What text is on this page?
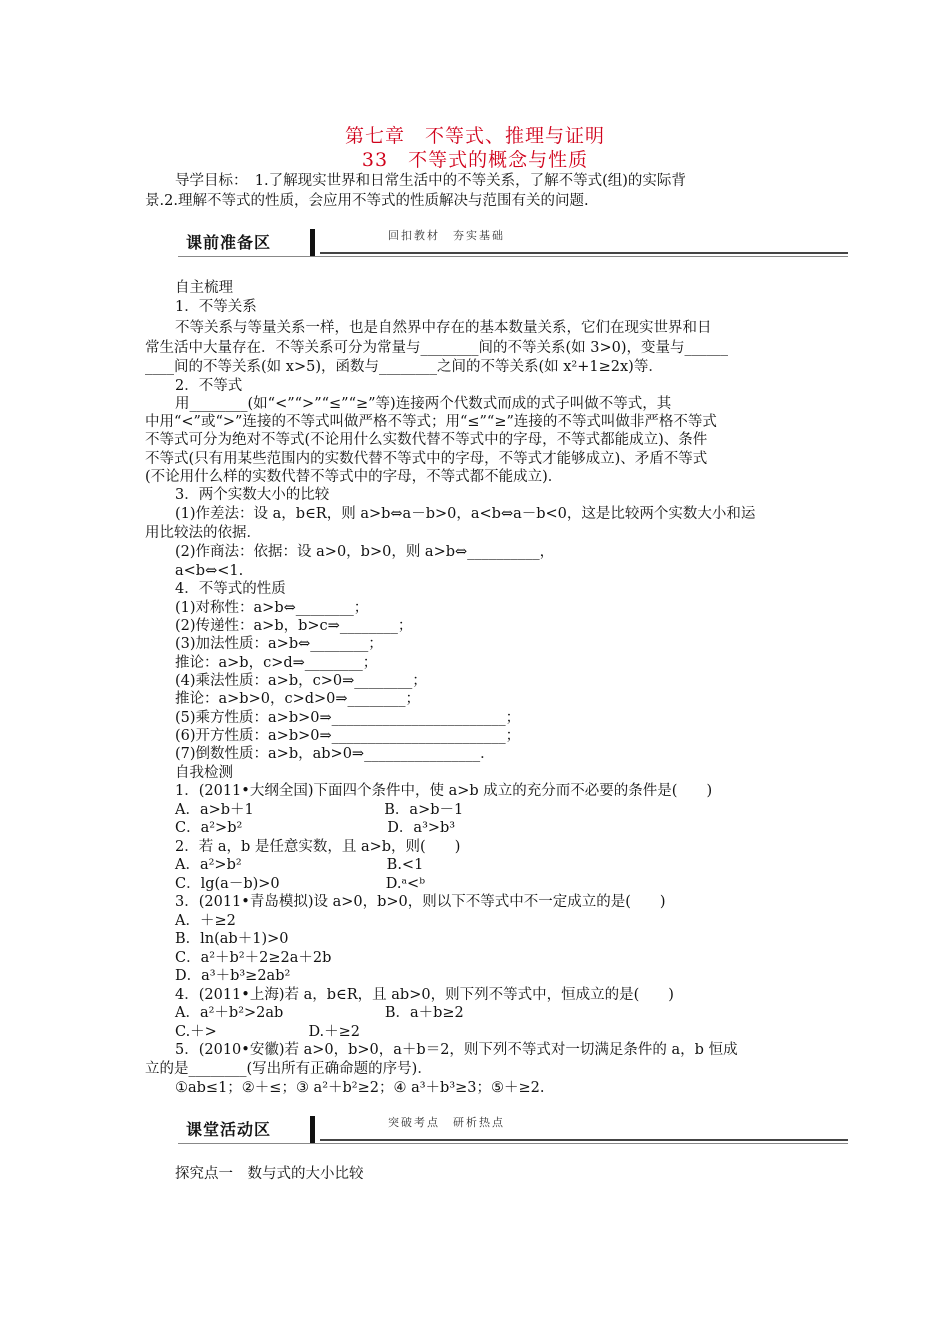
第七章　不等式、推理与证明
33　不等式的概念与性质
导学目标：　1.了解现实世界和日常生活中的不等关系，了解不等式(组)的实际背
景.2.理解不等式的性质，会应用不等式的性质解决与范围有关的问题.
课前准备区	回扣教材　夯实基础
自主梳理
1．不等关系
不等关系与等量关系一样，也是自然界中存在的基本数量关系，它们在现实世界和日
常生活中大量存在．不等关系可分为常量与________间的不等关系(如 3>0)，变量与______
____间的不等关系(如 x>5)，函数与________之间的不等关系(如 x²+1≥2x)等．
2．不等式
用________(如“<”“>”“≤”“≥”等)连接两个代数式而成的式子叫做不等式，其
中用“<”或“>”连接的不等式叫做严格不等式；用“≤”“≥”连接的不等式叫做非严格不等式
不等式可分为绝对不等式(不论用什么实数代替不等式中的字母，不等式都能成立)、条件
不等式(只有用某些范围内的实数代替不等式中的字母，不等式才能够成立)、矛盾不等式
(不论用什么样的实数代替不等式中的字母，不等式都不能成立)．
3．两个实数大小的比较
(1)作差法：设 a，b∈R，则 a>b⇔a－b>0，a<b⇔a－b<0，这是比较两个实数大小和运
用比较法的依据．
(2)作商法：依据：设 a>0，b>0，则 a>b⇔__________，
a<b⇔<1.
4．不等式的性质
(1)对称性：a>b⇔________；
(2)传递性：a>b，b>c⇒________；
(3)加法性质：a>b⇔________；
推论：a>b，c>d⇒________；
(4)乘法性质：a>b，c>0⇒________；
推论：a>b>0，c>d>0⇒________；
(5)乘方性质：a>b>0⇒________________________；
(6)开方性质：a>b>0⇒________________________；
(7)倒数性质：a>b，ab>0⇒________________．
自我检测
1．(2011•大纲全国)下面四个条件中，使 a>b 成立的充分而不必要的条件是(　　)
A．a>b＋1　　　　　　　　　B．a>b－1
C．a²>b²　　　　　　　　　　D．a³>b³
2．若 a，b 是任意实数，且 a>b，则(　　)
A．a²>b²　　　　　　　　　　B.<1
C．lg(a－b)>0　　　　　　　 D.ᵃ<ᵇ
3．(2011•青岛模拟)设 a>0，b>0，则以下不等式中不一定成立的是(　　)
A．＋≥2
B．ln(ab＋1)>0
C．a²＋b²＋2≥2a＋2b
D．a³＋b³≥2ab²
4．(2011•上海)若 a，b∈R，且 ab>0，则下列不等式中，恒成立的是(　　)
A．a²＋b²>2ab　　　　　　　B．a＋b≥2
C.＋>　　　　　　 D.＋≥2
5．(2010•安徽)若 a>0，b>0，a＋b＝2，则下列不等式对一切满足条件的 a，b 恒成
立的是________(写出所有正确命题的序号)．
①ab≤1；②＋≤；③ a²＋b²≥2；④ a³＋b³≥3；⑤＋≥2.
课堂活动区	突破考点　研析热点
探究点一　数与式的大小比较
